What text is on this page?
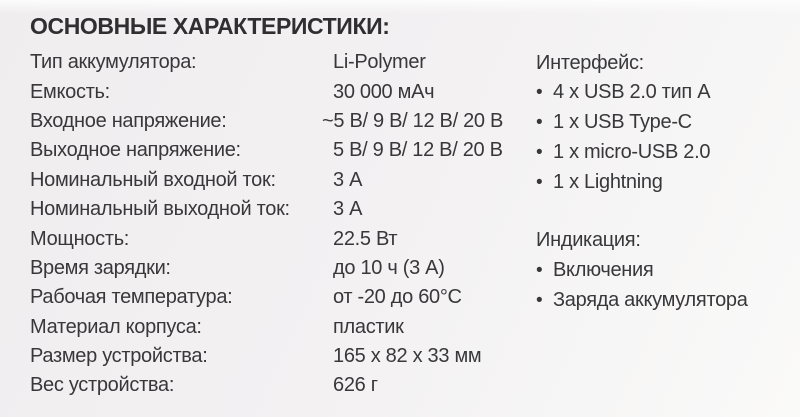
ОСНОВНЫЕ ХАРАКТЕРИСТИКИ:
Тип аккумулятора:	Li-Polymer
Емкость:	30 000 мАч
Входное напряжение:	~5 В/ 9 В/ 12 В/ 20 В
Выходное напряжение:	5 В/ 9 В/ 12 В/ 20 В
Номинальный входной ток:	3 А
Номинальный выходной ток:	3 А
Мощность:	22.5 Вт
Время зарядки:	до 10 ч (3 А)
Рабочая температура:	от -20 до 60°С
Материал корпуса:	пластик
Размер устройства:	165 x 82 x 33 мм
Вес устройства:	626 г
Интерфейс:
• 4 x USB 2.0 тип А
• 1 x USB Type-C
• 1 x micro-USB 2.0
• 1 x Lightning
Индикация:
• Включения
• Заряда аккумулятора
